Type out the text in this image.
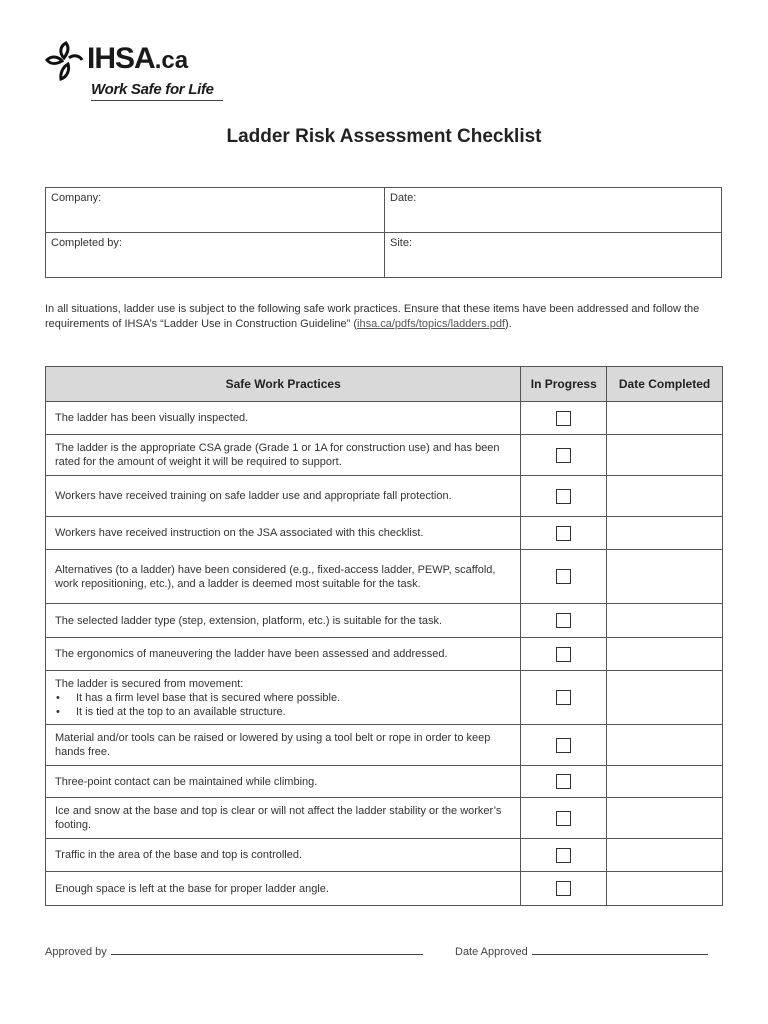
IHSA.ca
Work Safe for Life
Ladder Risk Assessment Checklist
Company:	Date:
Completed by:	Site:

In all situations, ladder use is subject to the following safe work practices. Ensure that these items have been addressed and follow the requirements of IHSA’s “Ladder Use in Construction Guideline” (ihsa.ca/pdfs/topics/ladders.pdf).

Safe Work Practices	In Progress	Date Completed
The ladder has been visually inspected.		
The ladder is the appropriate CSA grade (Grade 1 or 1A for construction use) and has been rated for the amount of weight it will be required to support.		
Workers have received training on safe ladder use and appropriate fall protection.		
Workers have received instruction on the JSA associated with this checklist.		
Alternatives (to a ladder) have been considered (e.g., fixed-access ladder, PEWP, scaffold, work repositioning, etc.), and a ladder is deemed most suitable for the task.		
The selected ladder type (step, extension, platform, etc.) is suitable for the task.		
The ergonomics of maneuvering the ladder have been assessed and addressed.		
The ladder is secured from movement:
• It has a firm level base that is secured where possible.
• It is tied at the top to an available structure.

Material and/or tools can be raised or lowered by using a tool belt or rope in order to keep hands free.		
Three-point contact can be maintained while climbing.		
Ice and snow at the base and top is clear or will not affect the ladder stability or the worker’s footing.		
Traffic in the area of the base and top is controlled.		
Enough space is left at the base for proper ladder angle.		
Approved by	Date Approved
